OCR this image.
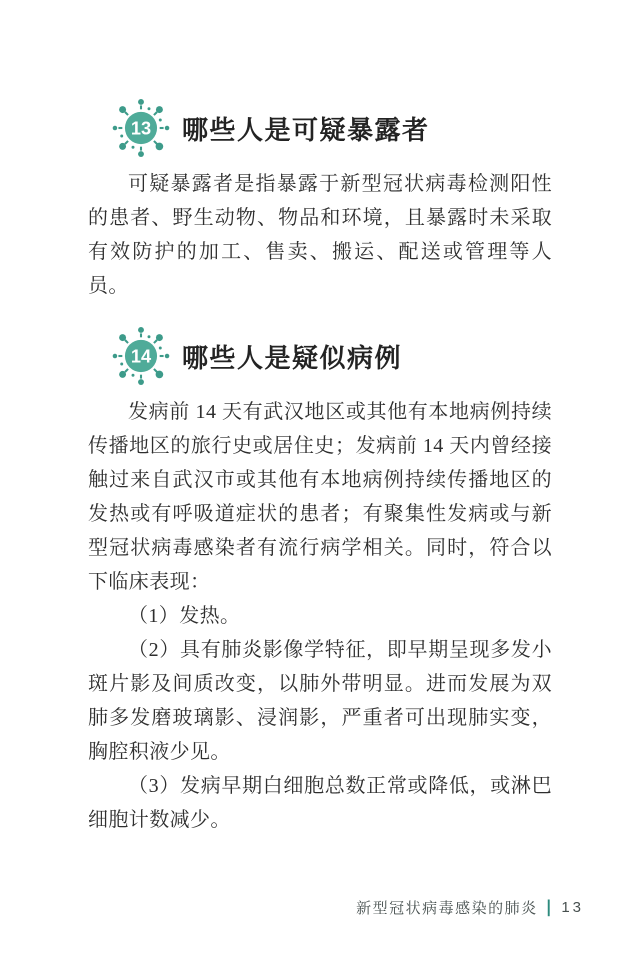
13 哪些人是可疑暴露者

可疑暴露者是指暴露于新型冠状病毒检测阳性的患者、野生动物、物品和环境，且暴露时未采取有效防护的加工、售卖、搬运、配送或管理等人员。

14 哪些人是疑似病例

发病前 14 天有武汉地区或其他有本地病例持续传播地区的旅行史或居住史；发病前 14 天内曾经接触过来自武汉市或其他有本地病例持续传播地区的发热或有呼吸道症状的患者；有聚集性发病或与新型冠状病毒感染者有流行病学相关。同时，符合以下临床表现：

（1）发热。

（2）具有肺炎影像学特征，即早期呈现多发小斑片影及间质改变，以肺外带明显。进而发展为双肺多发磨玻璃影、浸润影，严重者可出现肺实变，胸腔积液少见。

（3）发病早期白细胞总数正常或降低，或淋巴细胞计数减少。

新型冠状病毒感染的肺炎 | 13
